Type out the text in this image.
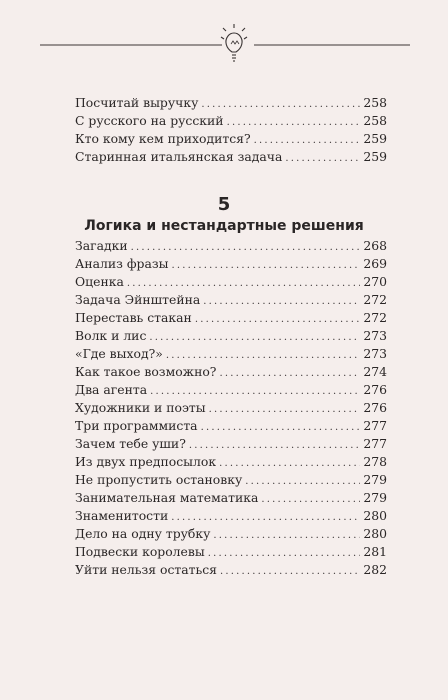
Посчитай выручку .....	258
С русского на русский .....	258
Кто кому кем приходится? .....	259
Старинная итальянская задача .....	259
5
Логика и нестандартные решения
Загадки .....	268
Анализ фразы .....	269
Оценка .....	270
Задача Эйнштейна .....	272
Переставь стакан .....	272
Волк и лис .....	273
«Где выход?» .....	273
Как такое возможно? .....	274
Два агента .....	276
Художники и поэты .....	276
Три программиста .....	277
Зачем тебе уши? .....	277
Из двух предпосылок .....	278
Не пропустить остановку .....	279
Занимательная математика .....	279
Знаменитости .....	280
Дело на одну трубку .....	280
Подвески королевы .....	281
Уйти нельзя остаться .....	282
